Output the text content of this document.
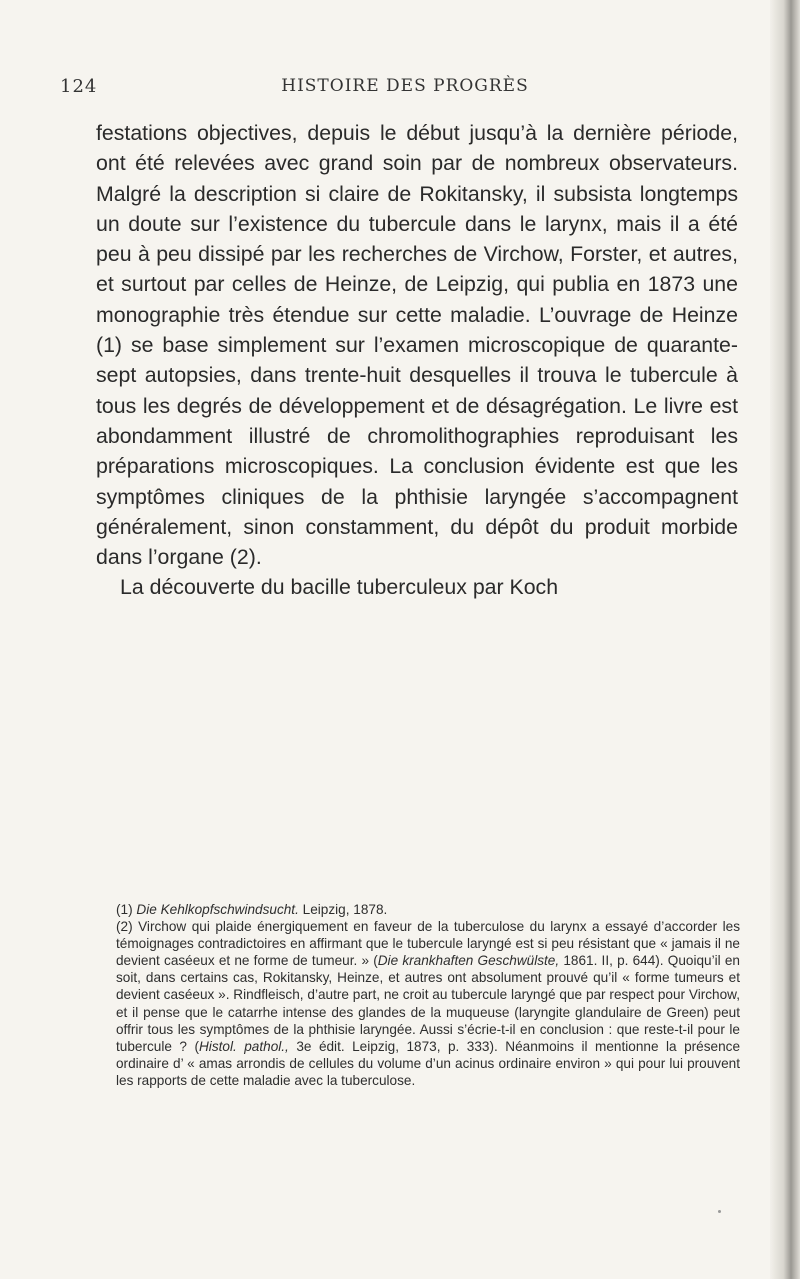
124	HISTOIRE DES PROGRÈS

festations objectives, depuis le début jusqu’à la dernière période, ont été relevées avec grand soin par de nombreux observateurs. Malgré la description si claire de Rokitansky, il subsista longtemps un doute sur l’existence du tubercule dans le larynx, mais il a été peu à peu dissipé par les recherches de Virchow, Forster, et autres, et surtout par celles de Heinze, de Leipzig, qui publia en 1873 une monographie très étendue sur cette maladie. L’ouvrage de Heinze (1) se base simplement sur l’examen microscopique de quarante-sept autopsies, dans trente-huit desquelles il trouva le tubercule à tous les degrés de développement et de désagrégation. Le livre est abondamment illustré de chromolithographies reproduisant les préparations microscopiques. La conclusion évidente est que les symptômes cliniques de la phthisie laryngée s’accompagnent généralement, sinon constamment, du dépôt du produit morbide dans l’organe (2).

La découverte du bacille tuberculeux par Koch

(1) Die Kehlkopfschwindsucht. Leipzig, 1878.

(2) Virchow qui plaide énergiquement en faveur de la tuberculose du larynx a essayé d’accorder les témoignages contradictoires en affirmant que le tubercule laryngé est si peu résistant que « jamais il ne devient caséeux et ne forme de tumeur. » (Die krankhaften Geschwülste, 1861. II, p. 644). Quoiqu’il en soit, dans certains cas, Rokitansky, Heinze, et autres ont absolument prouvé qu’il « forme tumeurs et devient caséeux ». Rindfleisch, d’autre part, ne croit au tubercule laryngé que par respect pour Virchow, et il pense que le catarrhe intense des glandes de la muqueuse (laryngite glandulaire de Green) peut offrir tous les symptômes de la phthisie laryngée. Aussi s’écrie-t-il en conclusion : que reste-t-il pour le tubercule ? (Histol. pathol., 3e édit. Leipzig, 1873, p. 333). Néanmoins il mentionne la présence ordinaire d’ « amas arrondis de cellules du volume d’un acinus ordinaire environ » qui pour lui prouvent les rapports de cette maladie avec la tuberculose.
